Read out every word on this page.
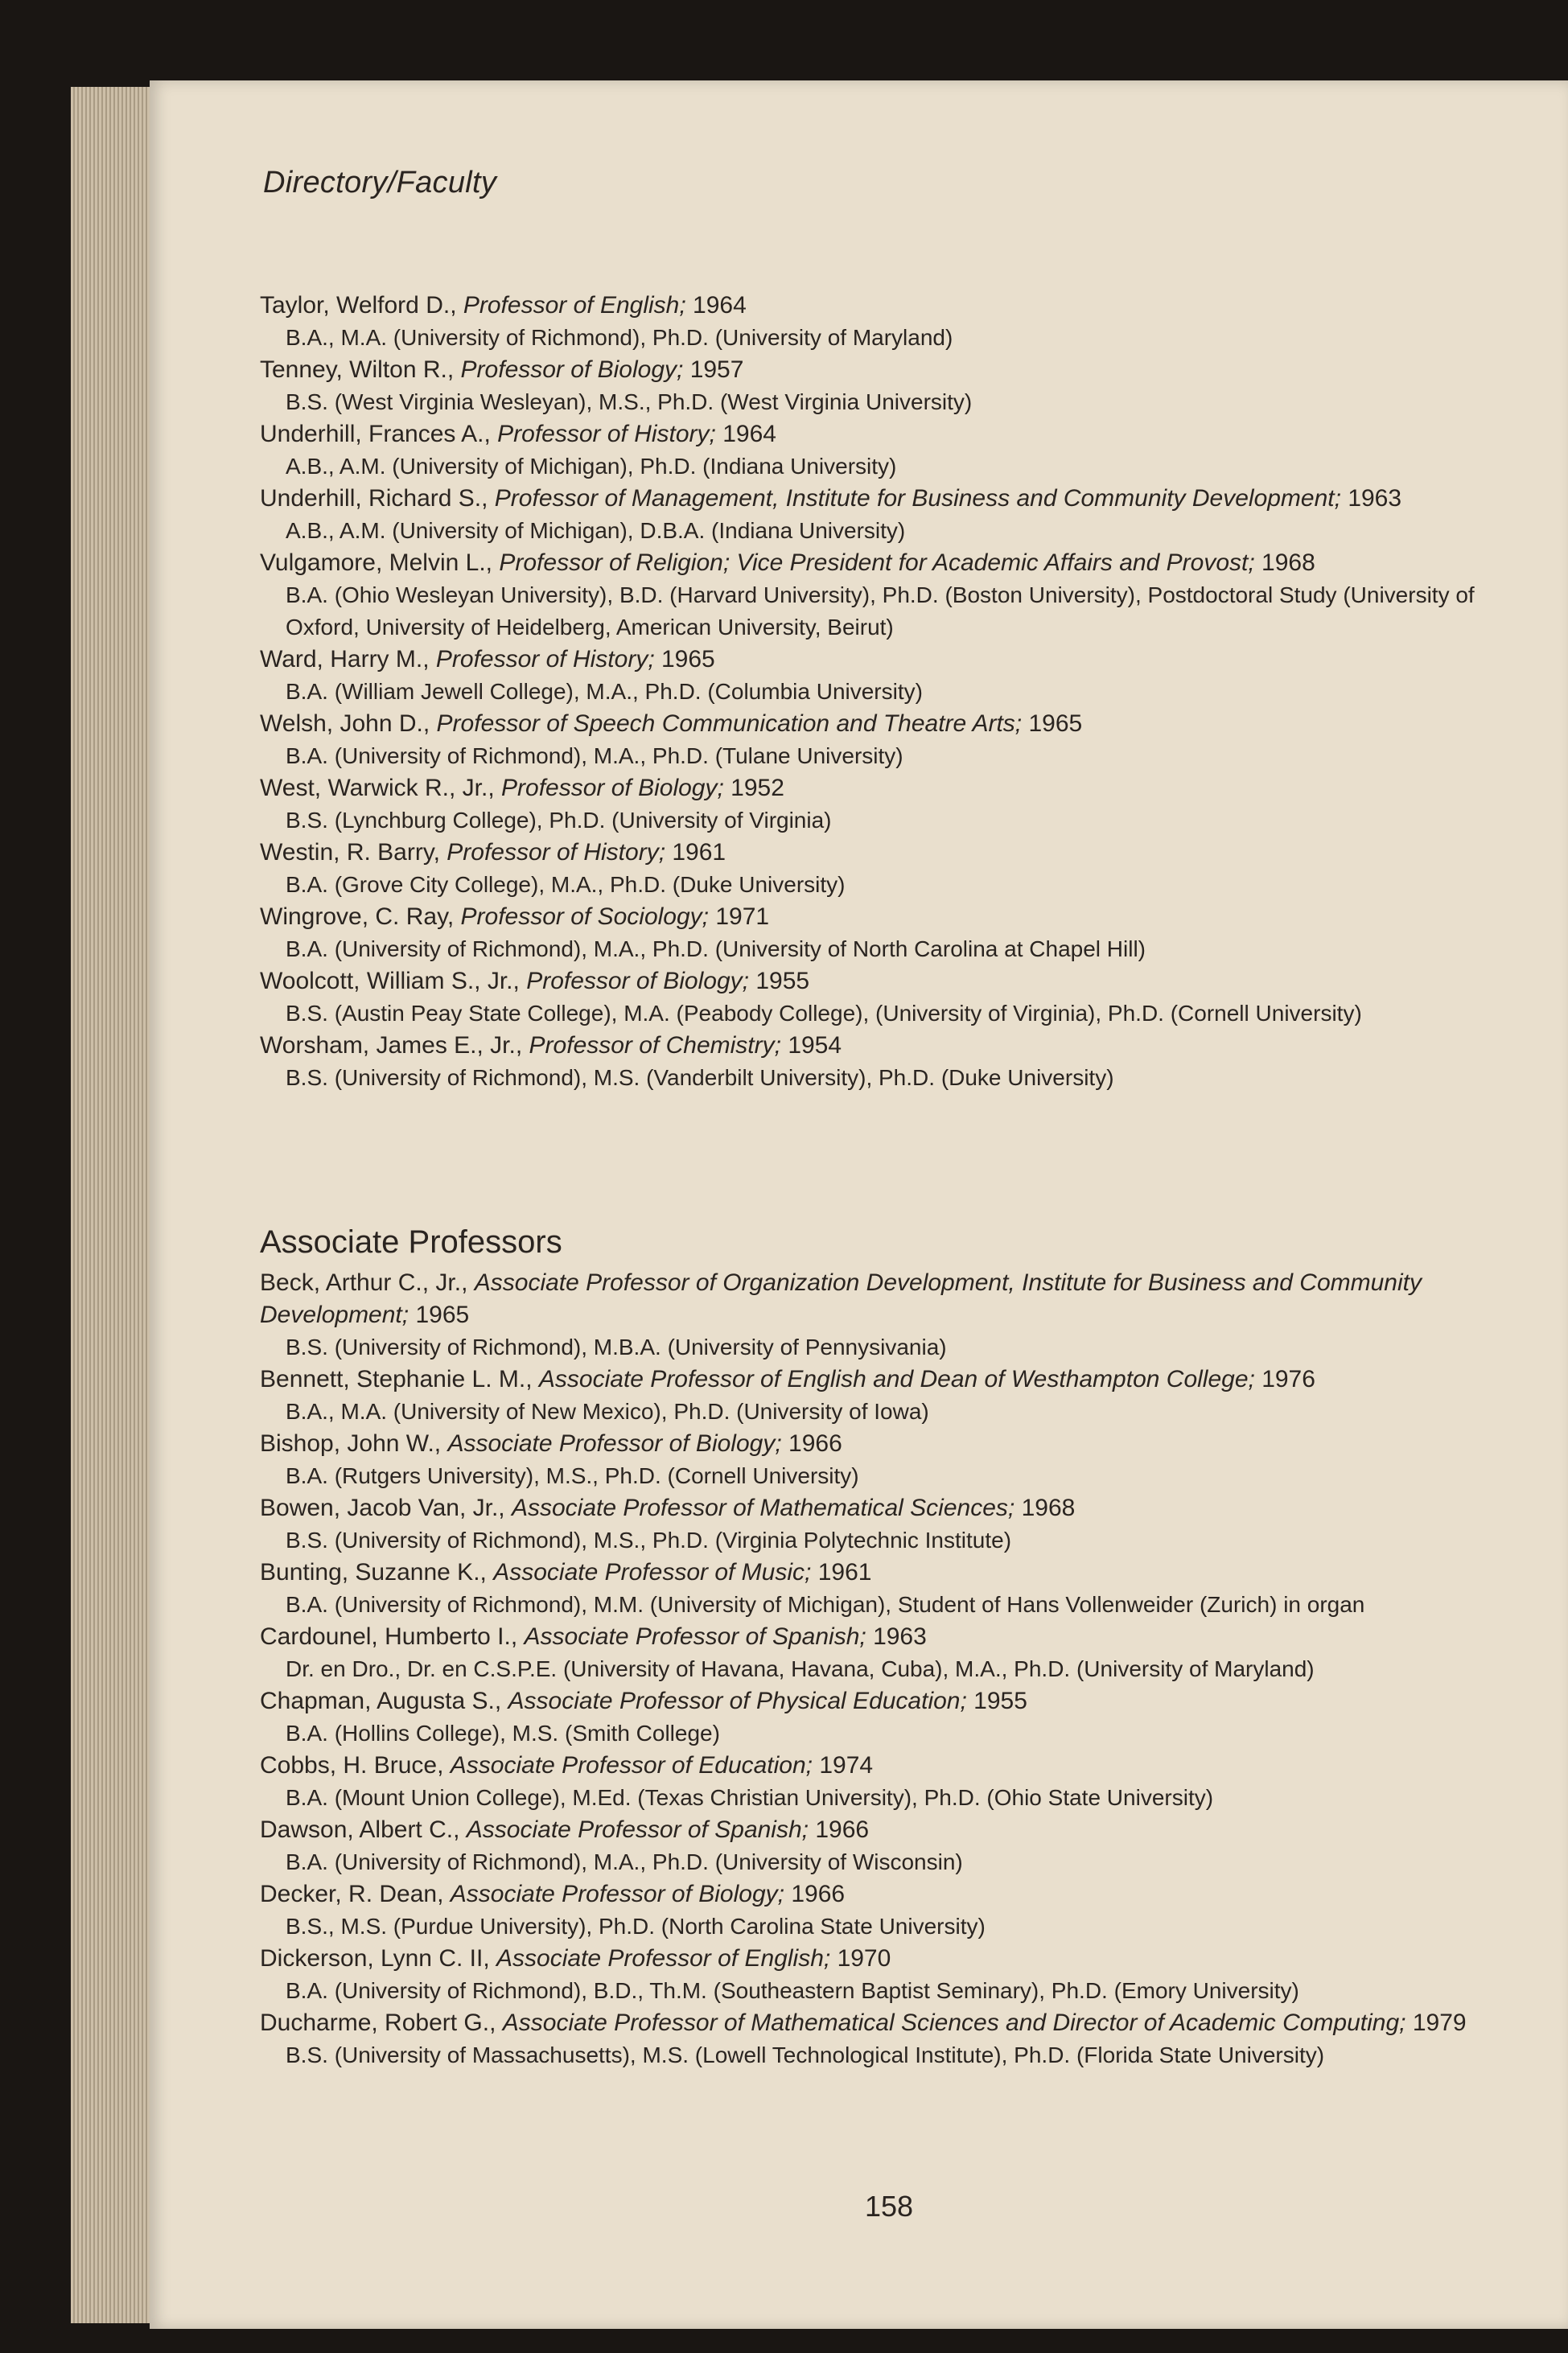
Directory/Faculty
Taylor, Welford D., Professor of English; 1964
B.A., M.A. (University of Richmond), Ph.D. (University of Maryland)
Tenney, Wilton R., Professor of Biology; 1957
B.S. (West Virginia Wesleyan), M.S., Ph.D. (West Virginia University)
Underhill, Frances A., Professor of History; 1964
A.B., A.M. (University of Michigan), Ph.D. (Indiana University)
Underhill, Richard S., Professor of Management, Institute for Business and Community Development; 1963
A.B., A.M. (University of Michigan), D.B.A. (Indiana University)
Vulgamore, Melvin L., Professor of Religion; Vice President for Academic Affairs and Provost; 1968
B.A. (Ohio Wesleyan University), B.D. (Harvard University), Ph.D. (Boston University), Postdoctoral Study (University of Oxford, University of Heidelberg, American University, Beirut)
Ward, Harry M., Professor of History; 1965
B.A. (William Jewell College), M.A., Ph.D. (Columbia University)
Welsh, John D., Professor of Speech Communication and Theatre Arts; 1965
B.A. (University of Richmond), M.A., Ph.D. (Tulane University)
West, Warwick R., Jr., Professor of Biology; 1952
B.S. (Lynchburg College), Ph.D. (University of Virginia)
Westin, R. Barry, Professor of History; 1961
B.A. (Grove City College), M.A., Ph.D. (Duke University)
Wingrove, C. Ray, Professor of Sociology; 1971
B.A. (University of Richmond), M.A., Ph.D. (University of North Carolina at Chapel Hill)
Woolcott, William S., Jr., Professor of Biology; 1955
B.S. (Austin Peay State College), M.A. (Peabody College), (University of Virginia), Ph.D. (Cornell University)
Worsham, James E., Jr., Professor of Chemistry; 1954
B.S. (University of Richmond), M.S. (Vanderbilt University), Ph.D. (Duke University)
Associate Professors
Beck, Arthur C., Jr., Associate Professor of Organization Development, Institute for Business and Community Development; 1965
B.S. (University of Richmond), M.B.A. (University of Pennysivania)
Bennett, Stephanie L. M., Associate Professor of English and Dean of Westhampton College; 1976
B.A., M.A. (University of New Mexico), Ph.D. (University of Iowa)
Bishop, John W., Associate Professor of Biology; 1966
B.A. (Rutgers University), M.S., Ph.D. (Cornell University)
Bowen, Jacob Van, Jr., Associate Professor of Mathematical Sciences; 1968
B.S. (University of Richmond), M.S., Ph.D. (Virginia Polytechnic Institute)
Bunting, Suzanne K., Associate Professor of Music; 1961
B.A. (University of Richmond), M.M. (University of Michigan), Student of Hans Vollenweider (Zurich) in organ
Cardounel, Humberto I., Associate Professor of Spanish; 1963
Dr. en Dro., Dr. en C.S.P.E. (University of Havana, Havana, Cuba), M.A., Ph.D. (University of Maryland)
Chapman, Augusta S., Associate Professor of Physical Education; 1955
B.A. (Hollins College), M.S. (Smith College)
Cobbs, H. Bruce, Associate Professor of Education; 1974
B.A. (Mount Union College), M.Ed. (Texas Christian University), Ph.D. (Ohio State University)
Dawson, Albert C., Associate Professor of Spanish; 1966
B.A. (University of Richmond), M.A., Ph.D. (University of Wisconsin)
Decker, R. Dean, Associate Professor of Biology; 1966
B.S., M.S. (Purdue University), Ph.D. (North Carolina State University)
Dickerson, Lynn C. II, Associate Professor of English; 1970
B.A. (University of Richmond), B.D., Th.M. (Southeastern Baptist Seminary), Ph.D. (Emory University)
Ducharme, Robert G., Associate Professor of Mathematical Sciences and Director of Academic Computing; 1979
B.S. (University of Massachusetts), M.S. (Lowell Technological Institute), Ph.D. (Florida State University)
158
